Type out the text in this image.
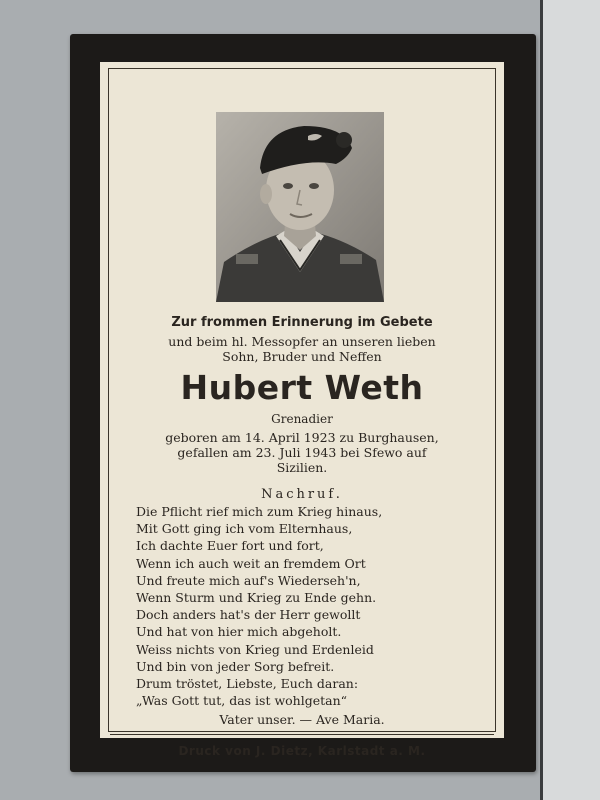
Zur frommen Erinnerung im Gebete

und beim hl. Messopfer an unseren lieben
Sohn, Bruder und Neffen

Hubert Weth

Grenadier

geboren am 14. April 1923 zu Burghausen,
gefallen am 23. Juli 1943 bei Sfewo auf
Sizilien.

Nachruf.

Die Pflicht rief mich zum Krieg hinaus,
Mit Gott ging ich vom Elternhaus,
Ich dachte Euer fort und fort,
Wenn ich auch weit an fremdem Ort
Und freute mich auf's Wiederseh'n,
Wenn Sturm und Krieg zu Ende gehn.
Doch anders hat's der Herr gewollt
Und hat von hier mich abgeholt.
Weiss nichts von Krieg und Erdenleid
Und bin von jeder Sorg befreit.
Drum tröstet, Liebste, Euch daran:
„Was Gott tut, das ist wohlgetan“

Vater unser. — Ave Maria.

Druck von J. Dietz, Karlstadt a. M.
